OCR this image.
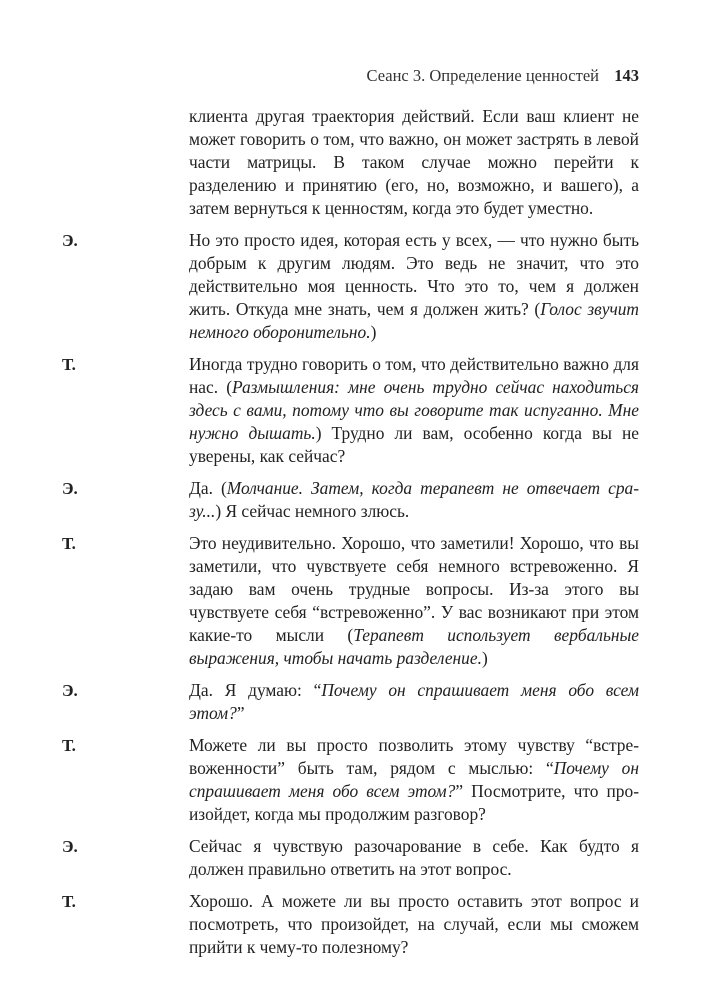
Сеанс 3. Определение ценностей 143
клиента другая траектория действий. Если ваш клиент не может говорить о том, что важно, он может застрять в левой части матрицы. В таком случае можно перейти к разделению и принятию (его, но, возможно, и вашего), а затем вернуться к ценностям, когда это будет уместно.
Э.	Но это просто идея, которая есть у всех, — что нужно быть добрым к другим людям. Это ведь не значит, что это действительно моя ценность. Что это то, чем я должен жить. Откуда мне знать, чем я должен жить? (Голос звучит немного оборонительно.)
Т.	Иногда трудно говорить о том, что действительно важно для нас. (Размышления: мне очень трудно сейчас находиться здесь с вами, потому что вы говорите так испуганно. Мне нужно дышать.) Трудно ли вам, особенно когда вы не уверены, как сейчас?
Э.	Да. (Молчание. Затем, когда терапевт не отвечает сразу...) Я сейчас немного злюсь.
Т.	Это неудивительно. Хорошо, что заметили! Хорошо, что вы заметили, что чувствуете себя немного встревоженно. Я задаю вам очень трудные вопросы. Из-за этого вы чувствуете себя “встревоженно”. У вас возникают при этом какие-то мысли (Терапевт использует вербальные выражения, чтобы начать разделение.)
Э.	Да. Я думаю: “Почему он спрашивает меня обо всем этом?”
Т.	Можете ли вы просто позволить этому чувству “встревоженности” быть там, рядом с мыслью: “Почему он спрашивает меня обо всем этом?” Посмотрите, что произойдет, когда мы продолжим разговор?
Э.	Сейчас я чувствую разочарование в себе. Как будто я должен правильно ответить на этот вопрос.
Т.	Хорошо. А можете ли вы просто оставить этот вопрос и посмотреть, что произойдет, на случай, если мы сможем прийти к чему-то полезному?
